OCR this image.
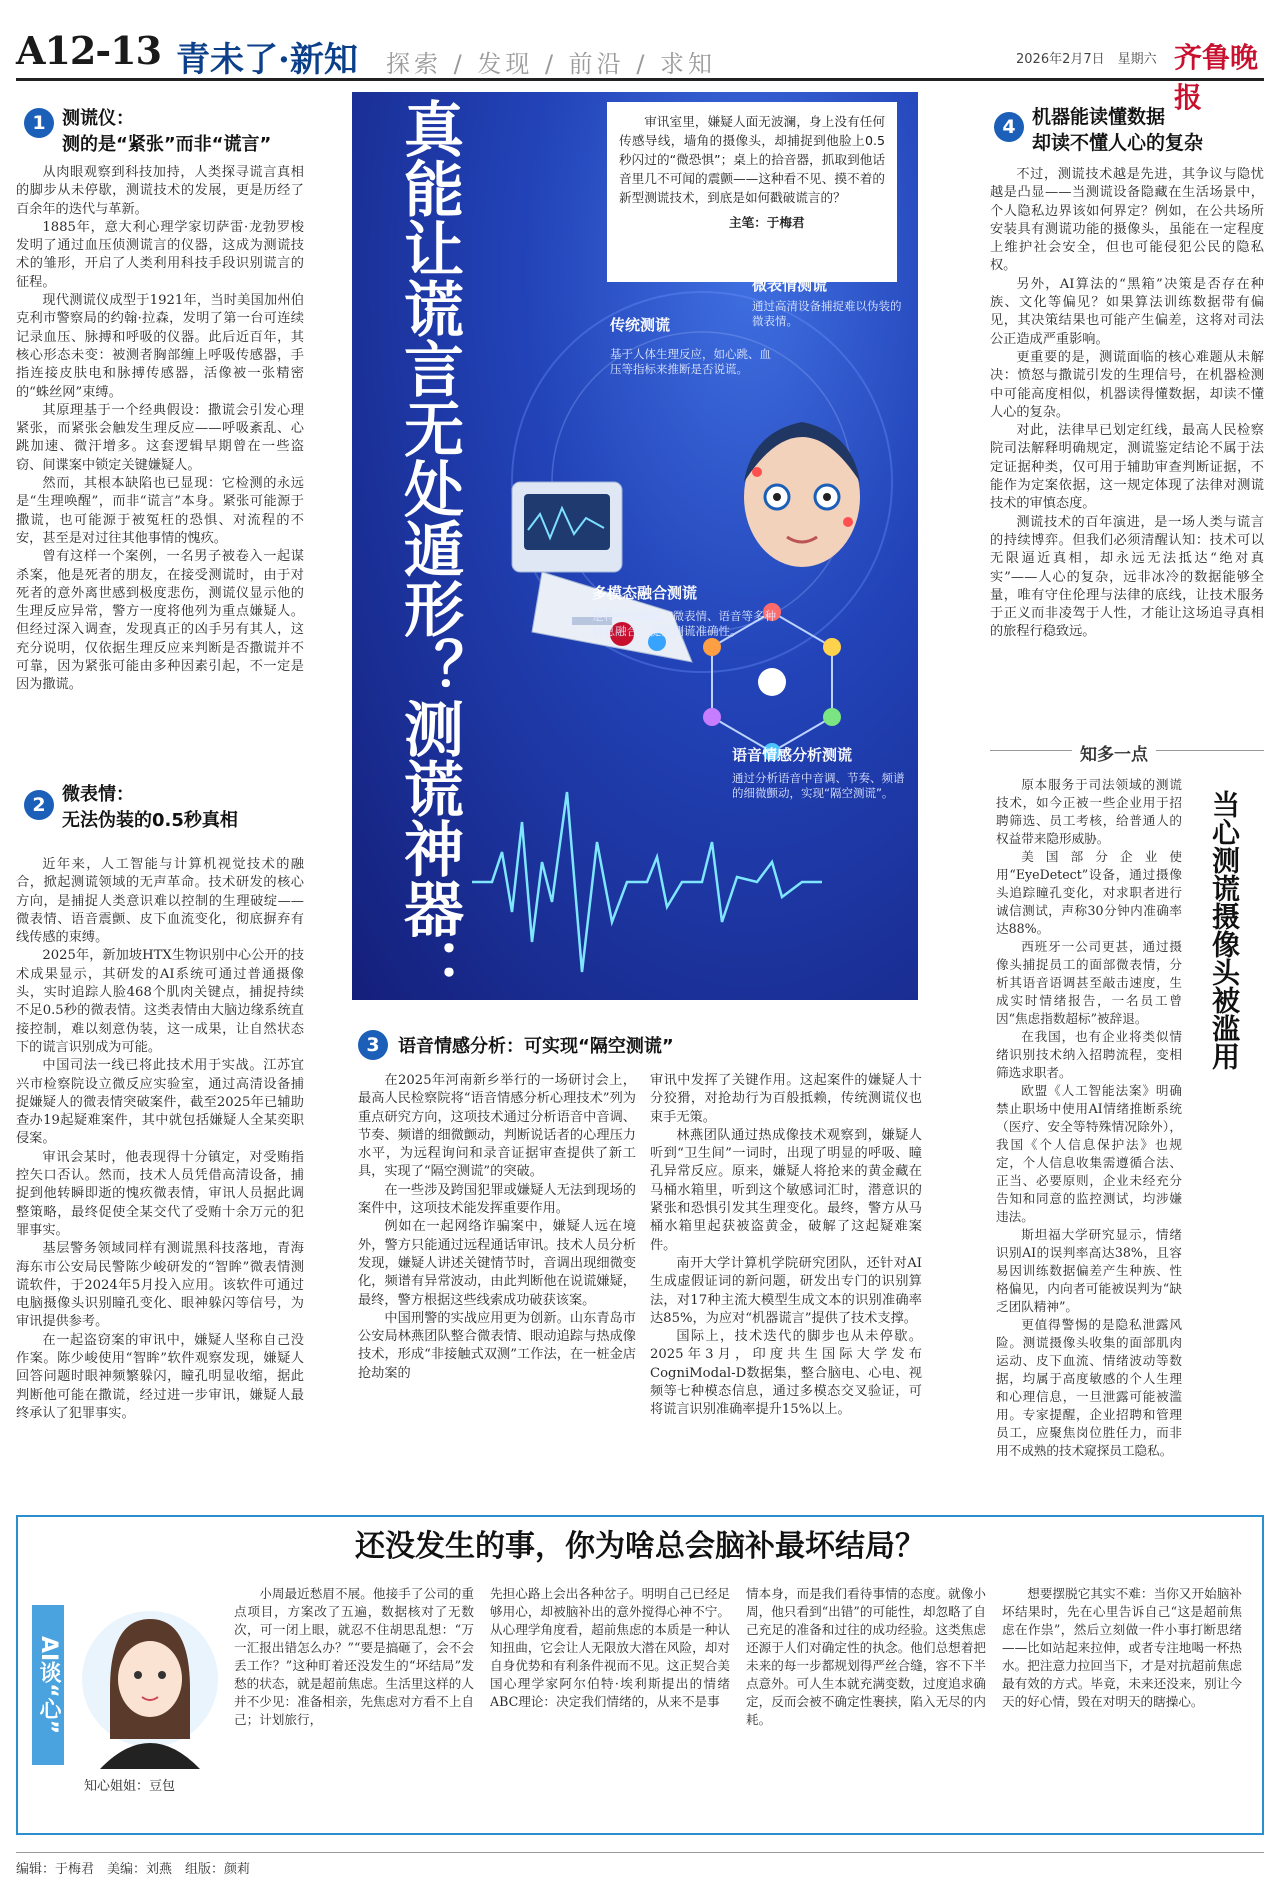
A12-13 青未了·新知 探索 / 发现 / 前沿 / 求知	2026年2月7日　星期六 齐鲁晚报
1 测谎仪：
测的是“紧张”而非“谎言”

从肉眼观察到科技加持，人类探寻谎言真相的脚步从未停歇，测谎技术的发展，更是历经了百余年的迭代与革新。

1885年，意大利心理学家切萨雷·龙勃罗梭发明了通过血压侦测谎言的仪器，这成为测谎技术的雏形，开启了人类利用科技手段识别谎言的征程。

现代测谎仪成型于1921年，当时美国加州伯克利市警察局的约翰·拉森，发明了第一台可连续记录血压、脉搏和呼吸的仪器。此后近百年，其核心形态未变：被测者胸部缠上呼吸传感器，手指连接皮肤电和脉搏传感器，活像被一张精密的“蛛丝网”束缚。

其原理基于一个经典假设：撒谎会引发心理紧张，而紧张会触发生理反应——呼吸紊乱、心跳加速、微汗增多。这套逻辑早期曾在一些盗窃、间谍案中锁定关键嫌疑人。

然而，其根本缺陷也已显现：它检测的永远是“生理唤醒”，而非“谎言”本身。紧张可能源于撒谎，也可能源于被冤枉的恐惧、对流程的不安，甚至是对过往其他事情的愧疚。

曾有这样一个案例，一名男子被卷入一起谋杀案，他是死者的朋友，在接受测谎时，由于对死者的意外离世感到极度悲伤，测谎仪显示他的生理反应异常，警方一度将他列为重点嫌疑人。但经过深入调查，发现真正的凶手另有其人，这充分说明，仅依据生理反应来判断是否撒谎并不可靠，因为紧张可能由多种因素引起，不一定是因为撒谎。

2 微表情：
无法伪装的0.5秒真相

近年来，人工智能与计算机视觉技术的融合，掀起测谎领域的无声革命。技术研发的核心方向，是捕捉人类意识难以控制的生理破绽——微表情、语音震颤、皮下血流变化，彻底摒弃有线传感的束缚。

2025年，新加坡HTX生物识别中心公开的技术成果显示，其研发的AI系统可通过普通摄像头，实时追踪人脸468个肌肉关键点，捕捉持续不足0.5秒的微表情。这类表情由大脑边缘系统直接控制，难以刻意伪装，这一成果，让自然状态下的谎言识别成为可能。

中国司法一线已将此技术用于实战。江苏宜兴市检察院设立微反应实验室，通过高清设备捕捉嫌疑人的微表情突破案件，截至2025年已辅助查办19起疑难案件，其中就包括嫌疑人全某奕职侵案。

审讯会某时，他表现得十分镇定，对受贿指控矢口否认。然而，技术人员凭借高清设备，捕捉到他转瞬即逝的愧疚微表情，审讯人员据此调整策略，最终促使全某交代了受贿十余万元的犯罪事实。

基层警务领域同样有测谎黑科技落地，青海海东市公安局民警陈少峻研发的“智眸”微表情测谎软件，于2024年5月投入应用。该软件可通过电脑摄像头识别瞳孔变化、眼神躲闪等信号，为审讯提供参考。

在一起盗窃案的审讯中，嫌疑人坚称自己没作案。陈少峻使用“智眸”软件观察发现，嫌疑人回答问题时眼神频繁躲闪，瞳孔明显收缩，据此判断他可能在撒谎，经过进一步审讯，嫌疑人最终承认了犯罪事实。

真能让谎言无处遁形？测谎神器：	审讯室里，嫌疑人面无波澜，身上没有任何传感导线，墙角的摄像头，却捕捉到他脸上0.5秒闪过的“微恐惧”；桌上的拾音器，抓取到他话音里几不可闻的震颤——这种看不见、摸不着的新型测谎技术，到底是如何戳破谎言的？
主笔：于梅君
传统测谎
基于人体生理反应，如心跳、血压等指标来推断是否说谎。
微表情测谎
通过高清设备捕捉难以伪装的微表情。
多模态融合测谎
是将传统测谎、微表情、语音等多种信息融合，提高测谎准确性。
语音情感分析测谎
通过分析语音中音调、节奏、频谱的细微颤动，实现“隔空测谎”。
3	语音情感分析：可实现“隔空测谎”

在2025年河南新乡举行的一场研讨会上，最高人民检察院将“语音情感分析心理技术”列为重点研究方向，这项技术通过分析语音中音调、节奏、频谱的细微颤动，判断说话者的心理压力水平，为远程询问和录音证据审查提供了新工具，实现了“隔空测谎”的突破。

在一些涉及跨国犯罪或嫌疑人无法到现场的案件中，这项技术能发挥重要作用。

例如在一起网络诈骗案中，嫌疑人远在境外，警方只能通过远程通话审讯。技术人员分析发现，嫌疑人讲述关键情节时，音调出现细微变化，频谱有异常波动，由此判断他在说谎嫌疑，最终，警方根据这些线索成功破获该案。

中国刑警的实战应用更为创新。山东青岛市公安局林燕团队整合微表情、眼动追踪与热成像技术，形成“非接触式双测”工作法，在一桩金店抢劫案的

审讯中发挥了关键作用。这起案件的嫌疑人十分狡猾，对抢劫行为百般抵赖，传统测谎仪也束手无策。

林燕团队通过热成像技术观察到，嫌疑人听到“卫生间”一词时，出现了明显的呼吸、瞳孔异常反应。原来，嫌疑人将抢来的黄金藏在马桶水箱里，听到这个敏感词汇时，潜意识的紧张和恐惧引发其生理变化。最终，警方从马桶水箱里起获被盗黄金，破解了这起疑难案件。

南开大学计算机学院研究团队，还针对AI生成虚假证词的新问题，研发出专门的识别算法，对17种主流大模型生成文本的识别准确率达85%，为应对“机器谎言”提供了技术支撑。

国际上，技术迭代的脚步也从未停歇。2025年3月，印度共生国际大学发布CogniModal-D数据集，整合脑电、心电、视频等七种模态信息，通过多模态交叉验证，可将谎言识别准确率提升15%以上。

4 机器能读懂数据
却读不懂人心的复杂

不过，测谎技术越是先进，其争议与隐忧越是凸显——当测谎设备隐藏在生活场景中，个人隐私边界该如何界定？例如，在公共场所安装具有测谎功能的摄像头，虽能在一定程度上维护社会安全，但也可能侵犯公民的隐私权。

另外，AI算法的“黑箱”决策是否存在种族、文化等偏见？如果算法训练数据带有偏见，其决策结果也可能产生偏差，这将对司法公正造成严重影响。

更重要的是，测谎面临的核心难题从未解决：愤怒与撒谎引发的生理信号，在机器检测中可能高度相似，机器读得懂数据，却读不懂人心的复杂。

对此，法律早已划定红线，最高人民检察院司法解释明确规定，测谎鉴定结论不属于法定证据种类，仅可用于辅助审查判断证据，不能作为定案依据，这一规定体现了法律对测谎技术的审慎态度。

测谎技术的百年演进，是一场人类与谎言的持续博弈。但我们必须清醒认知：技术可以无限逼近真相，却永远无法抵达“绝对真实”——人心的复杂，远非冰冷的数据能够全量，唯有守住伦理与法律的底线，让技术服务于正义而非凌驾于人性，才能让这场追寻真相的旅程行稳致远。

知多一点
当心测谎摄像头被滥用

原本服务于司法领域的测谎技术，如今正被一些企业用于招聘筛选、员工考核，给普通人的权益带来隐形威胁。

美国部分企业使用“EyeDetect”设备，通过摄像头追踪瞳孔变化，对求职者进行诚信测试，声称30分钟内准确率达88%。

西班牙一公司更甚，通过摄像头捕捉员工的面部微表情，分析其语音语调甚至敲击速度，生成实时情绪报告，一名员工曾因“焦虑指数超标”被辞退。

在我国，也有企业将类似情绪识别技术纳入招聘流程，变相筛选求职者。

欧盟《人工智能法案》明确禁止职场中使用AI情绪推断系统（医疗、安全等特殊情况除外），我国《个人信息保护法》也规定，个人信息收集需遵循合法、正当、必要原则，企业未经充分告知和同意的监控测试，均涉嫌违法。

斯坦福大学研究显示，情绪识别AI的误判率高达38%，且容易因训练数据偏差产生种族、性格偏见，内向者可能被误判为“缺乏团队精神”。

更值得警惕的是隐私泄露风险。测谎摄像头收集的面部肌肉运动、皮下血流、情绪波动等数据，均属于高度敏感的个人生理和心理信息，一旦泄露可能被滥用。专家提醒，企业招聘和管理员工，应聚焦岗位胜任力，而非用不成熟的技术窥探员工隐私。

还没发生的事，你为啥总会脑补最坏结局？
AI谈“心”
知心姐姐：豆包

小周最近愁眉不展。他接手了公司的重点项目，方案改了五遍，数据核对了无数次，可一闭上眼，就忍不住胡思乱想：“万一汇报出错怎么办？”“要是搞砸了，会不会丢工作？”这种盯着还没发生的“坏结局”发愁的状态，就是超前焦虑。生活里这样的人并不少见：准备相亲，先焦虑对方看不上自己；计划旅行，

先担心路上会出各种岔子。明明自己已经足够用心，却被脑补出的意外搅得心神不宁。从心理学角度看，超前焦虑的本质是一种认知扭曲，它会让人无限放大潜在风险，却对自身优势和有利条件视而不见。这正契合美国心理学家阿尔伯特·埃利斯提出的情绪ABC理论：决定我们情绪的，从来不是事

情本身，而是我们看待事情的态度。就像小周，他只看到“出错”的可能性，却忽略了自己充足的准备和过往的成功经验。这类焦虑还源于人们对确定性的执念。他们总想着把未来的每一步都规划得严丝合缝，容不下半点意外。可人生本就充满变数，过度追求确定，反而会被不确定性裹挟，陷入无尽的内耗。

想要摆脱它其实不难：当你又开始脑补坏结果时，先在心里告诉自己“这是超前焦虑在作祟”，然后立刻做一件小事打断思绪——比如站起来拉伸，或者专注地喝一杯热水。把注意力拉回当下，才是对抗超前焦虑最有效的方式。毕竟，未来还没来，别让今天的好心情，毁在对明天的瞎操心。

编辑：于梅君　美编：刘燕　组版：颜莉
